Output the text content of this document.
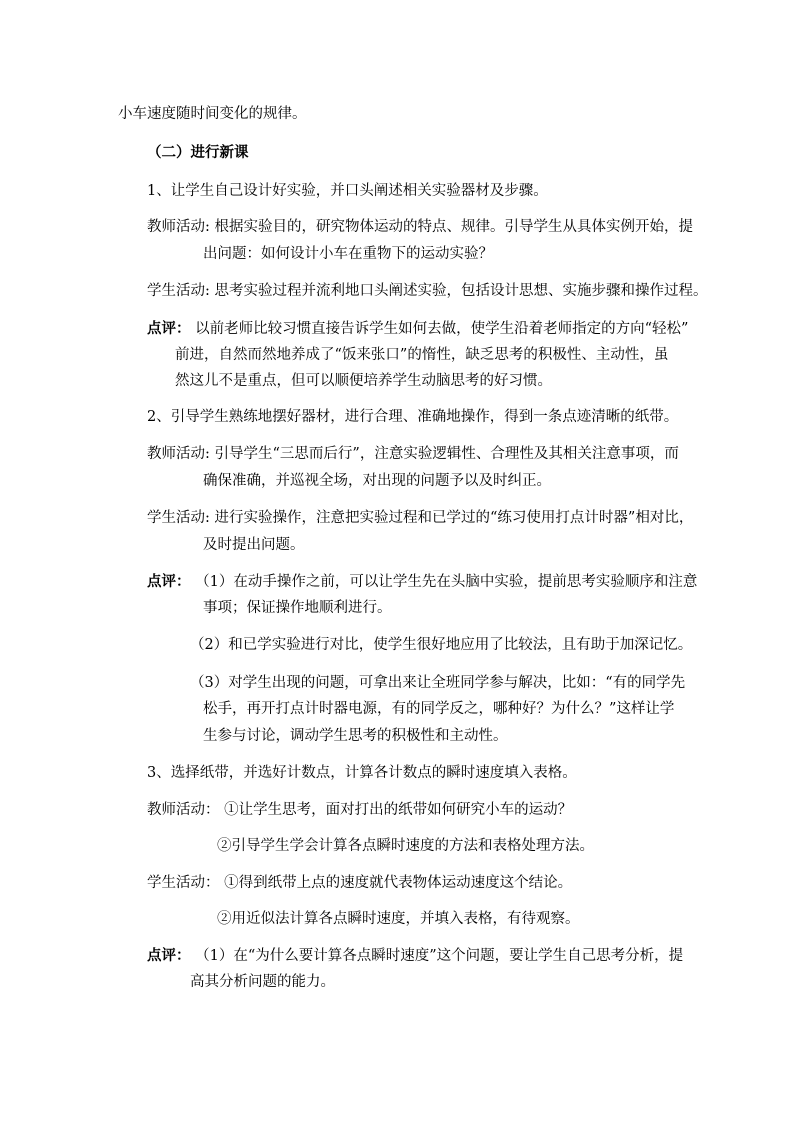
小车速度随时间变化的规律。
（二）进行新课
1、让学生自己设计好实验，并口头阐述相关实验器材及步骤。
教师活动: 根据实验目的，研究物体运动的特点、规律。引导学生从具体实例开始，提
出问题：如何设计小车在重物下的运动实验？
学生活动: 思考实验过程并流利地口头阐述实验，包括设计思想、实施步骤和操作过程。
点评： 以前老师比较习惯直接告诉学生如何去做，使学生沿着老师指定的方向“轻松”
前进，自然而然地养成了“饭来张口”的惰性，缺乏思考的积极性、主动性，虽
然这儿不是重点，但可以顺便培养学生动脑思考的好习惯。
2、引导学生熟练地摆好器材，进行合理、准确地操作，得到一条点迹清晰的纸带。
教师活动: 引导学生“三思而后行”，注意实验逻辑性、合理性及其相关注意事项，而
确保准确，并巡视全场，对出现的问题予以及时纠正。
学生活动: 进行实验操作，注意把实验过程和已学过的“练习使用打点计时器”相对比，
及时提出问题。
点评： （1）在动手操作之前，可以让学生先在头脑中实验，提前思考实验顺序和注意
事项；保证操作地顺利进行。
（2）和已学实验进行对比，使学生很好地应用了比较法，且有助于加深记忆。
（3）对学生出现的问题，可拿出来让全班同学参与解决，比如：“有的同学先
松手，再开打点计时器电源，有的同学反之，哪种好？为什么？”这样让学
生参与讨论，调动学生思考的积极性和主动性。
3、选择纸带，并选好计数点，计算各计数点的瞬时速度填入表格。
教师活动： ①让学生思考，面对打出的纸带如何研究小车的运动？
②引导学生学会计算各点瞬时速度的方法和表格处理方法。
学生活动： ①得到纸带上点的速度就代表物体运动速度这个结论。
②用近似法计算各点瞬时速度，并填入表格，有待观察。
点评： （1）在“为什么要计算各点瞬时速度”这个问题，要让学生自己思考分析，提
高其分析问题的能力。
